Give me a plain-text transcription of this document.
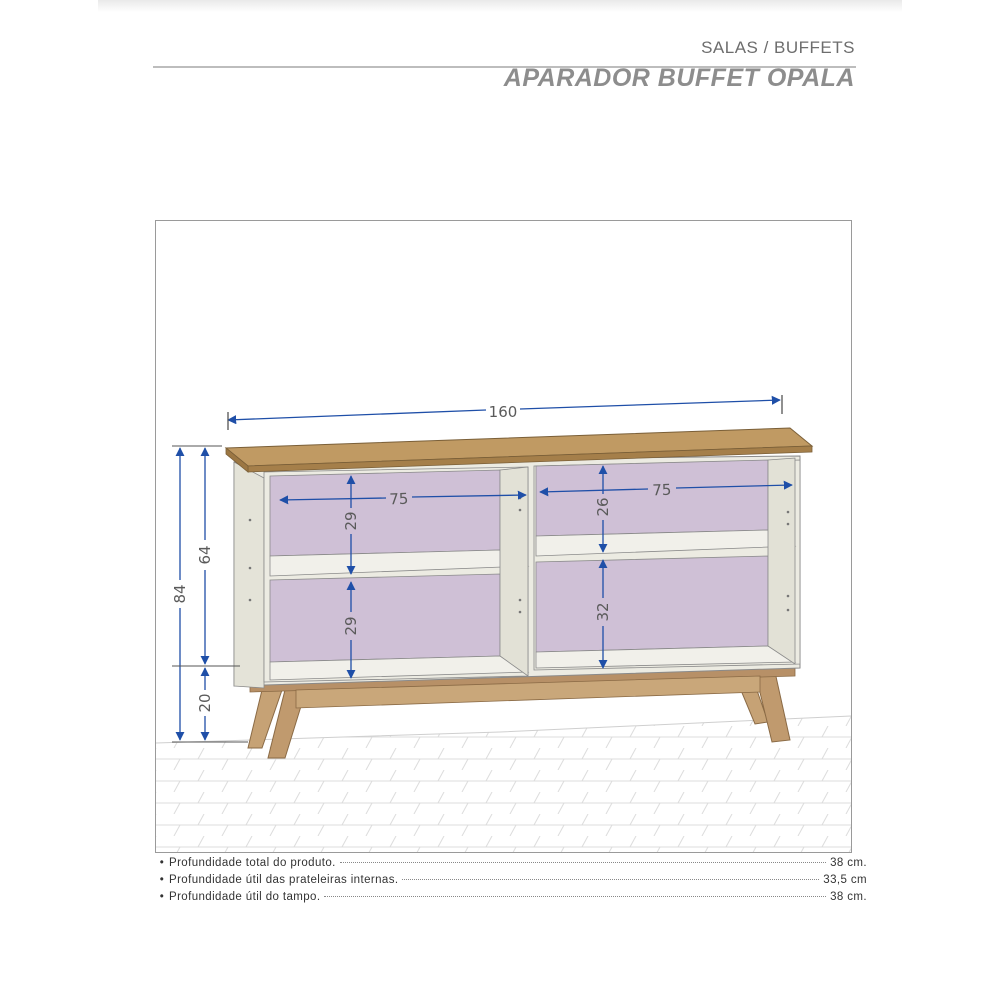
SALAS / BUFFETS
APARADOR BUFFET OPALA
160
75	75
29
29
26
32
84
64
20
• Profundidade total do produto.	38 cm.
• Profundidade útil das prateleiras internas.	33,5 cm
• Profundidade útil do tampo.	38 cm.
